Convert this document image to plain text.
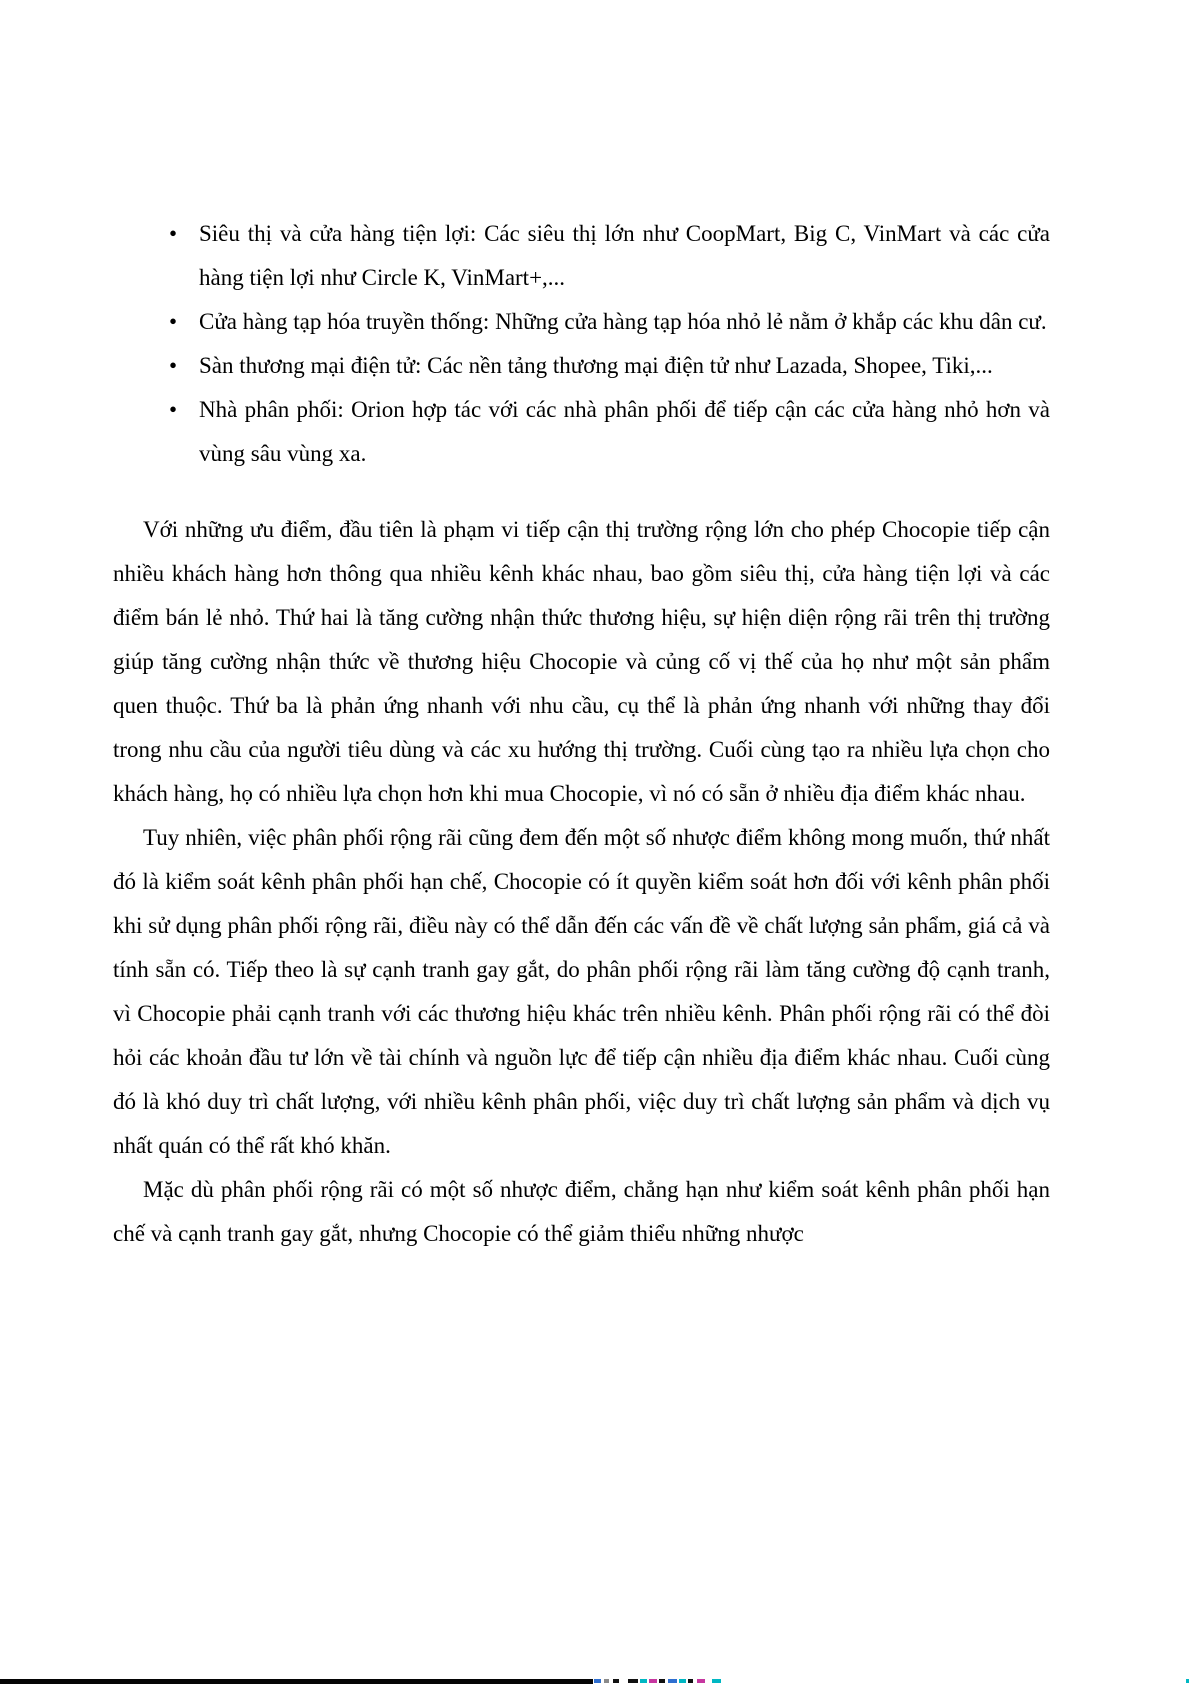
• Siêu thị và cửa hàng tiện lợi: Các siêu thị lớn như CoopMart, Big C, VinMart và các cửa hàng tiện lợi như Circle K, VinMart+,...
• Cửa hàng tạp hóa truyền thống: Những cửa hàng tạp hóa nhỏ lẻ nằm ở khắp các khu dân cư.
• Sàn thương mại điện tử: Các nền tảng thương mại điện tử như Lazada, Shopee, Tiki,...
• Nhà phân phối: Orion hợp tác với các nhà phân phối để tiếp cận các cửa hàng nhỏ hơn và vùng sâu vùng xa.

Với những ưu điểm, đầu tiên là phạm vi tiếp cận thị trường rộng lớn cho phép Chocopie tiếp cận nhiều khách hàng hơn thông qua nhiều kênh khác nhau, bao gồm siêu thị, cửa hàng tiện lợi và các điểm bán lẻ nhỏ. Thứ hai là tăng cường nhận thức thương hiệu, sự hiện diện rộng rãi trên thị trường giúp tăng cường nhận thức về thương hiệu Chocopie và củng cố vị thế của họ như một sản phẩm quen thuộc. Thứ ba là phản ứng nhanh với nhu cầu, cụ thể là phản ứng nhanh với những thay đổi trong nhu cầu của người tiêu dùng và các xu hướng thị trường. Cuối cùng tạo ra nhiều lựa chọn cho khách hàng, họ có nhiều lựa chọn hơn khi mua Chocopie, vì nó có sẵn ở nhiều địa điểm khác nhau.

Tuy nhiên, việc phân phối rộng rãi cũng đem đến một số nhược điểm không mong muốn, thứ nhất đó là kiểm soát kênh phân phối hạn chế, Chocopie có ít quyền kiểm soát hơn đối với kênh phân phối khi sử dụng phân phối rộng rãi, điều này có thể dẫn đến các vấn đề về chất lượng sản phẩm, giá cả và tính sẵn có. Tiếp theo là sự cạnh tranh gay gắt, do phân phối rộng rãi làm tăng cường độ cạnh tranh, vì Chocopie phải cạnh tranh với các thương hiệu khác trên nhiều kênh. Phân phối rộng rãi có thể đòi hỏi các khoản đầu tư lớn về tài chính và nguồn lực để tiếp cận nhiều địa điểm khác nhau. Cuối cùng đó là khó duy trì chất lượng, với nhiều kênh phân phối, việc duy trì chất lượng sản phẩm và dịch vụ nhất quán có thể rất khó khăn.

Mặc dù phân phối rộng rãi có một số nhược điểm, chẳng hạn như kiểm soát kênh phân phối hạn chế và cạnh tranh gay gắt, nhưng Chocopie có thể giảm thiểu những nhược
